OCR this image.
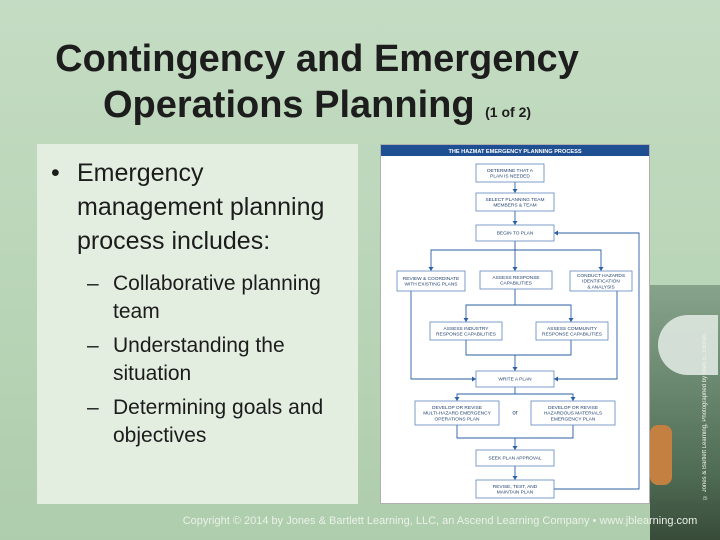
© Jones & Bartlett Learning, Photographed by Glen E. Ellman.
Contingency and Emergency
Operations Planning (1 of 2)
• Emergency management planning process includes:
– Collaborative planning team
– Understanding the situation
– Determining goals and objectives
THE HAZMAT EMERGENCY PLANNING PROCESS
DETERMINE THAT A
PLAN IS NEEDED
SELECT PLANNING TEAM
MEMBERS & TEAM
BEGIN TO PLAN
REVIEW & COORDINATE
WITH EXISTING PLANS
ASSESS RESPONSE
CAPABILITIES
CONDUCT HAZARDS
IDENTIFICATION
& ANALYSIS
ASSESS INDUSTRY
RESPONSE CAPABILITIES
ASSESS COMMUNITY
RESPONSE CAPABILITIES
WRITE A PLAN
DEVELOP OR REVISE
MULTI-HAZARD EMERGENCY
OPERATIONS PLAN
or
DEVELOP OR REVISE
HAZARDOUS MATERIALS
EMERGENCY PLAN
SEEK PLAN APPROVAL
REVISE, TEST, AND
MAINTAIN PLAN
Copyright © 2014 by Jones & Bartlett Learning, LLC, an Ascend Learning Company • www.jblearning.com
